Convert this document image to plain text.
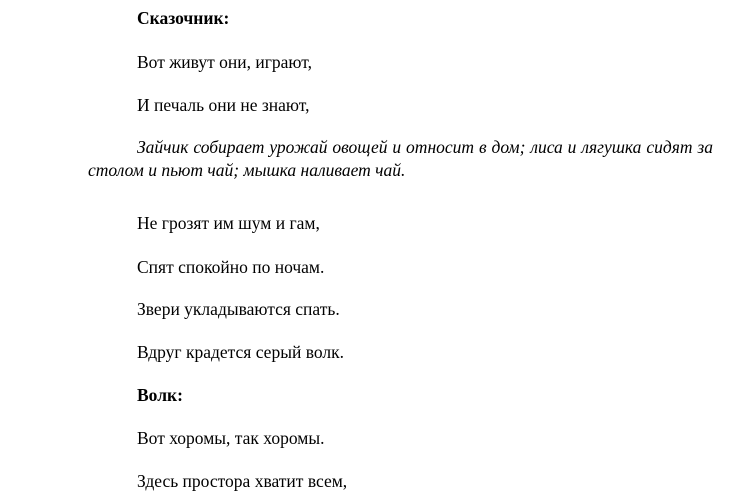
Сказочник:
Вот живут они, играют,
И печаль они не знают,
Зайчик собирает урожай овощей и относит в дом; лиса и лягушка сидят за столом и пьют чай; мышка наливает чай.
Не грозят им шум и гам,
Спят спокойно по ночам.
Звери укладываются спать.
Вдруг крадется серый волк.
Волк:
Вот хоромы, так хоромы.
Здесь простора хватит всем,
